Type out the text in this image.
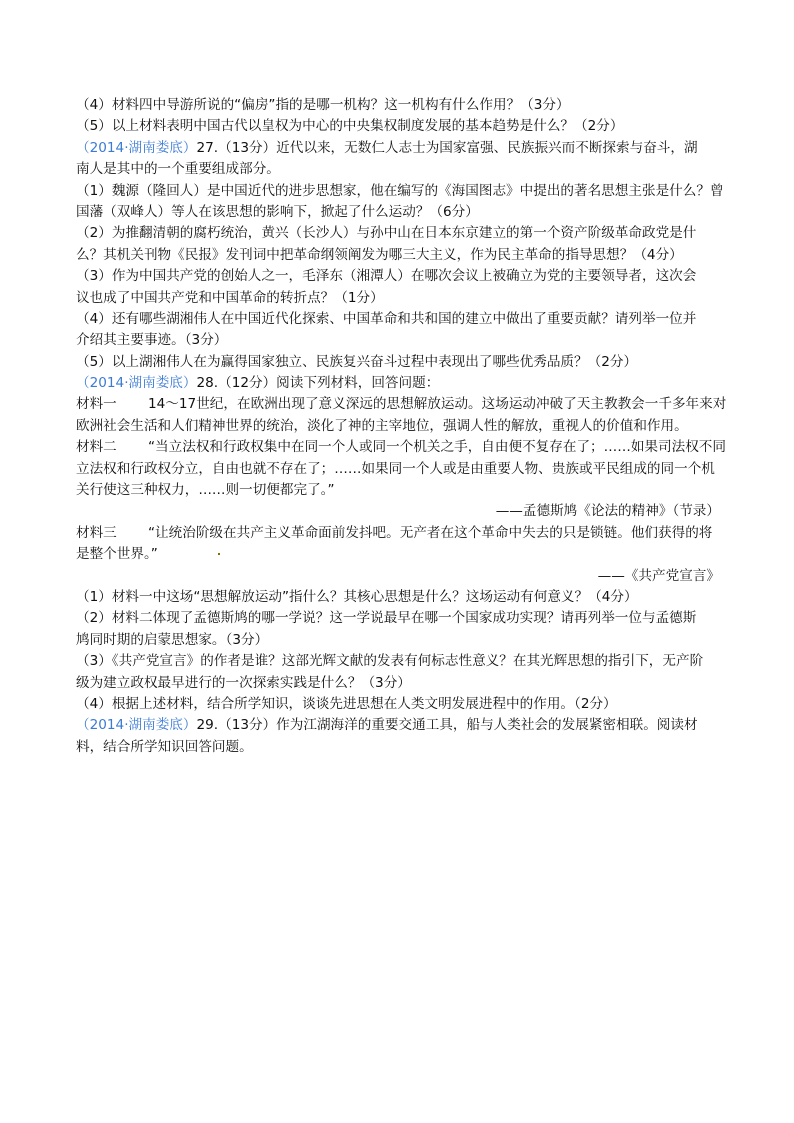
（4）材料四中导游所说的“偏房”指的是哪一机构？这一机构有什么作用？（3分）
（5）以上材料表明中国古代以皇权为中心的中央集权制度发展的基本趋势是什么？（2分）
（2014·湖南娄底）27.（13分）近代以来，无数仁人志士为国家富强、民族振兴而不断探索与奋斗，湖
南人是其中的一个重要组成部分。
（1）魏源（隆回人）是中国近代的进步思想家，他在编写的《海国图志》中提出的著名思想主张是什么？曾
国藩（双峰人）等人在该思想的影响下，掀起了什么运动？（6分）
（2）为推翻清朝的腐朽统治，黄兴（长沙人）与孙中山在日本东京建立的第一个资产阶级革命政党是什
么？其机关刊物《民报》发刊词中把革命纲领阐发为哪三大主义，作为民主革命的指导思想？（4分）
（3）作为中国共产党的创始人之一，毛泽东（湘潭人）在哪次会议上被确立为党的主要领导者，这次会
议也成了中国共产党和中国革命的转折点？（1分）
（4）还有哪些湖湘伟人在中国近代化探索、中国革命和共和国的建立中做出了重要贡献？请列举一位并
介绍其主要事迹。（3分）
（5）以上湖湘伟人在为赢得国家独立、民族复兴奋斗过程中表现出了哪些优秀品质？（2分）
（2014·湖南娄底）28.（12分）阅读下列材料，回答问题：
材料一 14～17世纪，在欧洲出现了意义深远的思想解放运动。这场运动冲破了天主教教会一千多年来对
欧洲社会生活和人们精神世界的统治，淡化了神的主宰地位，强调人性的解放，重视人的价值和作用。
材料二 “当立法权和行政权集中在同一个人或同一个机关之手，自由便不复存在了；……如果司法权不同
立法权和行政权分立，自由也就不存在了；……如果同一个人或是由重要人物、贵族或平民组成的同一个机
关行使这三种权力，……则一切便都完了。”
——孟德斯鸠《论法的精神》（节录）
材料三 “让统治阶级在共产主义革命面前发抖吧。无产者在这个革命中失去的只是锁链。他们获得的将
是整个世界。”
——《共产党宣言》
（1）材料一中这场“思想解放运动”指什么？其核心思想是什么？这场运动有何意义？（4分）
（2）材料二体现了孟德斯鸠的哪一学说？这一学说最早在哪一个国家成功实现？请再列举一位与孟德斯
鸠同时期的启蒙思想家。（3分）
（3）《共产党宣言》的作者是谁？这部光辉文献的发表有何标志性意义？在其光辉思想的指引下，无产阶
级为建立政权最早进行的一次探索实践是什么？（3分）
（4）根据上述材料，结合所学知识，谈谈先进思想在人类文明发展进程中的作用。（2分）
（2014·湖南娄底）29.（13分）作为江湖海洋的重要交通工具，船与人类社会的发展紧密相联。阅读材
料，结合所学知识回答问题。
